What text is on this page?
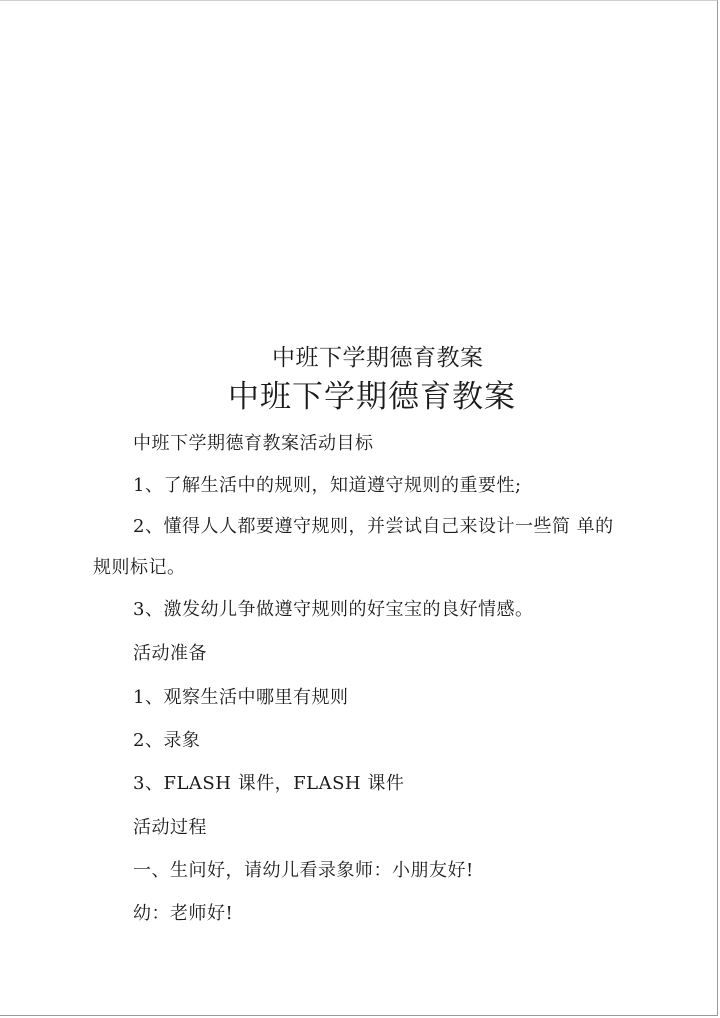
中班下学期德育教案
中班下学期德育教案
中班下学期德育教案活动目标
1、了解生活中的规则，知道遵守规则的重要性;
2、懂得人人都要遵守规则，并尝试自己来设计一些简 单的
规则标记。
3、激发幼儿争做遵守规则的好宝宝的良好情感。
活动准备
1、观察生活中哪里有规则
2、录象
3、FLASH 课件，FLASH 课件
活动过程
一、生问好，请幼儿看录象师：小朋友好!
幼：老师好!
